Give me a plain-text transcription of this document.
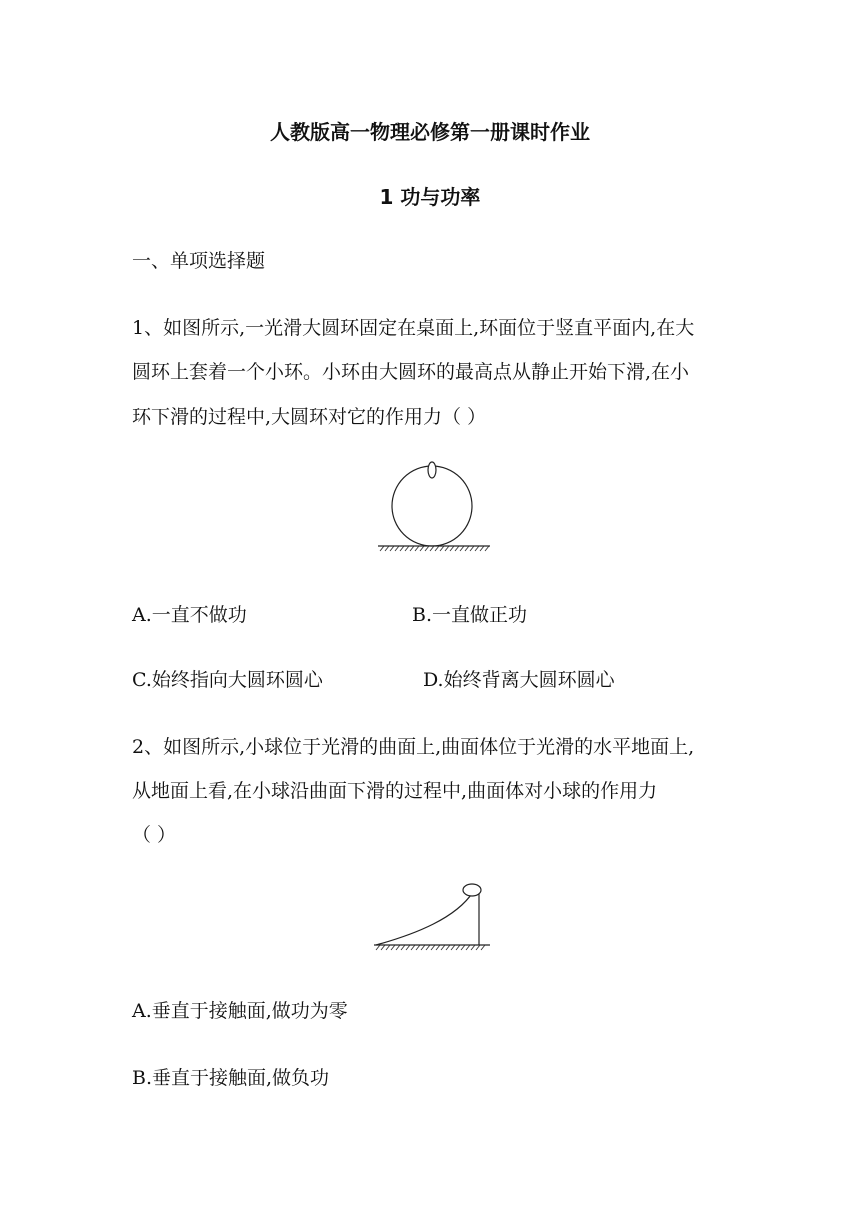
人教版高一物理必修第一册课时作业
1 功与功率
一、单项选择题
1、如图所示,一光滑大圆环固定在桌面上,环面位于竖直平面内,在大
圆环上套着一个小环。小环由大圆环的最高点从静止开始下滑,在小
环下滑的过程中,大圆环对它的作用力（ ）
A.一直不做功	B.一直做正功
C.始终指向大圆环圆心	D.始终背离大圆环圆心
2、如图所示,小球位于光滑的曲面上,曲面体位于光滑的水平地面上,
从地面上看,在小球沿曲面下滑的过程中,曲面体对小球的作用力
（ ）
A.垂直于接触面,做功为零
B.垂直于接触面,做负功
